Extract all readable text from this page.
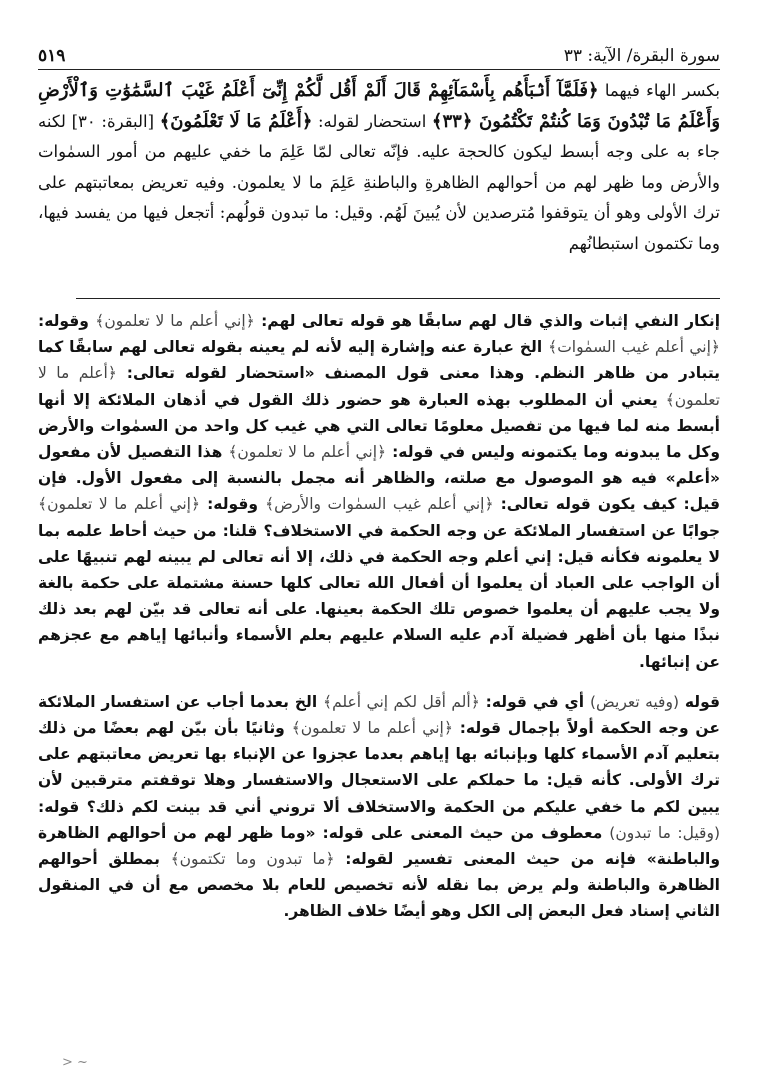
سورة البقرة/ الآية: ٣٣
٥١٩
بكسر الهاء فيهما ﴿فَلَمَّآ أَنۢبَأَهُم بِأَسْمَآئِهِمْ قَالَ أَلَمْ أَقُل لَّكُمْ إِنِّىٓ أَعْلَمُ غَيْبَ ٱلسَّمَٰوَٰتِ وَٱلْأَرْضِ وَأَعْلَمُ مَا تُبْدُونَ وَمَا كُنتُمْ تَكْتُمُونَ ﴿٣٣﴾ استحضار لقوله: ﴿أَعْلَمُ مَا لَا تَعْلَمُونَ﴾ [البقرة: ٣٠] لكنه جاء به على وجه أبسط ليكون كالحجة عليه. فإنّه تعالى لمّا عَلِمَ ما خفي عليهم من أمور السمٰوات والأرض وما ظهر لهم من أحوالهم الظاهرةِ والباطنةِ عَلِمَ ما لا يعلمون. وفيه تعريض بمعاتبتهم على ترك الأولى وهو أن يتوقفوا مُترصدين لأن يُبينَ لَهُم. وقيل: ما تبدون قولُهم: أتجعل فيها من يفسد فيها، وما تكتمون استبطانُهم

إنكار النفي إثبات والذي قال لهم سابقًا هو قوله تعالى لهم: ﴿إني أعلم ما لا تعلمون﴾ وقوله: ﴿إني أعلم غيب السمٰوات﴾ الخ عبارة عنه وإشارة إليه لأنه لم يعينه بقوله تعالى لهم سابقًا كما يتبادر من ظاهر النظم. وهذا معنى قول المصنف «استحضار لقوله تعالى: ﴿أعلم ما لا تعلمون﴾ يعني أن المطلوب بهذه العبارة هو حضور ذلك القول في أذهان الملائكة إلا أنها أبسط منه لما فيها من تفصيل معلومًا تعالى التي هي غيب كل واحد من السمٰوات والأرض وكل ما يبدونه وما يكتمونه وليس في قوله: ﴿إني أعلم ما لا تعلمون﴾ هذا التفصيل لأن مفعول «أعلم» فيه هو الموصول مع صلته، والظاهر أنه مجمل بالنسبة إلى مفعول الأول. فإن قيل: كيف يكون قوله تعالى: ﴿إني أعلم غيب السمٰوات والأرض﴾ وقوله: ﴿إني أعلم ما لا تعلمون﴾ جوابًا عن استفسار الملائكة عن وجه الحكمة في الاستخلاف؟ قلنا: من حيث أحاط علمه بما لا يعلمونه فكأنه قيل: إني أعلم وجه الحكمة في ذلك، إلا أنه تعالى لم يبينه لهم تنبيهًا على أن الواجب على العباد أن يعلموا أن أفعال الله تعالى كلها حسنة مشتملة على حكمة بالغة ولا يجب عليهم أن يعلموا خصوص تلك الحكمة بعينها. على أنه تعالى قد بيّن لهم بعد ذلك نبذًا منها بأن أظهر فضيلة آدم عليه السلام عليهم بعلم الأسماء وأنبائها إياهم مع عجزهم عن إنبائها.

قوله (وفيه تعريض) أي في قوله: ﴿ألم أقل لكم إني أعلم﴾ الخ بعدما أجاب عن استفسار الملائكة عن وجه الحكمة أولاً بإجمال قوله: ﴿إني أعلم ما لا تعلمون﴾ وثانيًا بأن بيّن لهم بعضًا من ذلك بتعليم آدم الأسماء كلها وبإنبائه بها إياهم بعدما عجزوا عن الإنباء بها تعريض معاتبتهم على ترك الأولى. كأنه قيل: ما حملكم على الاستعجال والاستفسار وهلا توقفتم مترقبين لأن يبين لكم ما خفي عليكم من الحكمة والاستخلاف ألا تروني أني قد بينت لكم ذلك؟ قوله: (وقيل: ما تبدون) معطوف من حيث المعنى على قوله: «وما ظهر لهم من أحوالهم الظاهرة والباطنة» فإنه من حيث المعنى تفسير لقوله: ﴿ما تبدون وما تكتمون﴾ بمطلق أحوالهم الظاهرة والباطنة ولم يرض بما نقله لأنه تخصيص للعام بلا مخصص مع أن في المنقول الثاني إسناد فعل البعض إلى الكل وهو أيضًا خلاف الظاهر.

~ <
